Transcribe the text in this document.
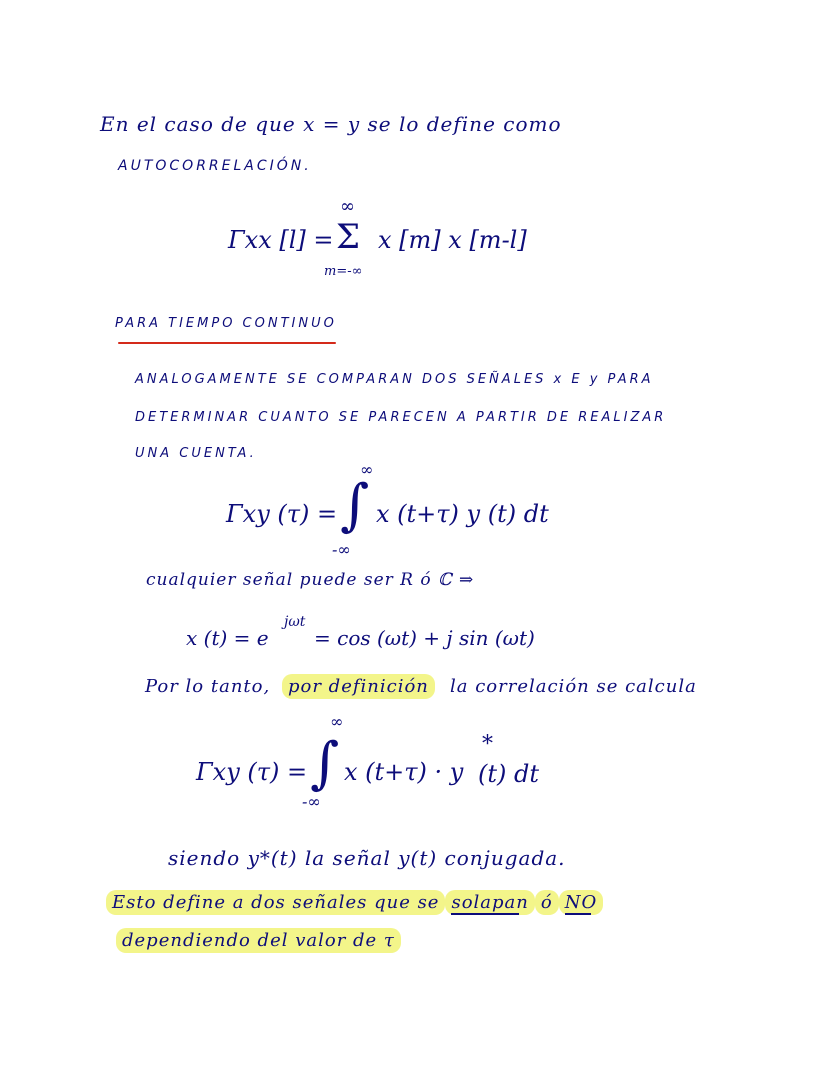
En el caso de que x = y se lo define como
AUTOCORRELACIÓN.
Γxx [l] =
∞
Σ
m=-∞
x [m] x [m-l]
PARA TIEMPO CONTINUO
ANALOGAMENTE SE COMPARAN DOS SEÑALES x E y PARA
DETERMINAR CUANTO SE PARECEN A PARTIR DE REALIZAR
UNA CUENTA.
Γxy (τ) =
∞
∫
-∞
x (t+τ) y (t) dt
cualquier señal puede ser R ó ℂ ⇒
x (t) = e
jωt
= cos (ωt) + j sin (ωt)
Por lo tanto, por definición	la correlación se calcula
Γxy (τ) =
∞
∫
-∞
x (t+τ) · y
*
(t) dt
siendo y*(t) la señal y(t) conjugada.
Esto define a dos señales que se solapan ó NO
dependiendo del valor de τ
